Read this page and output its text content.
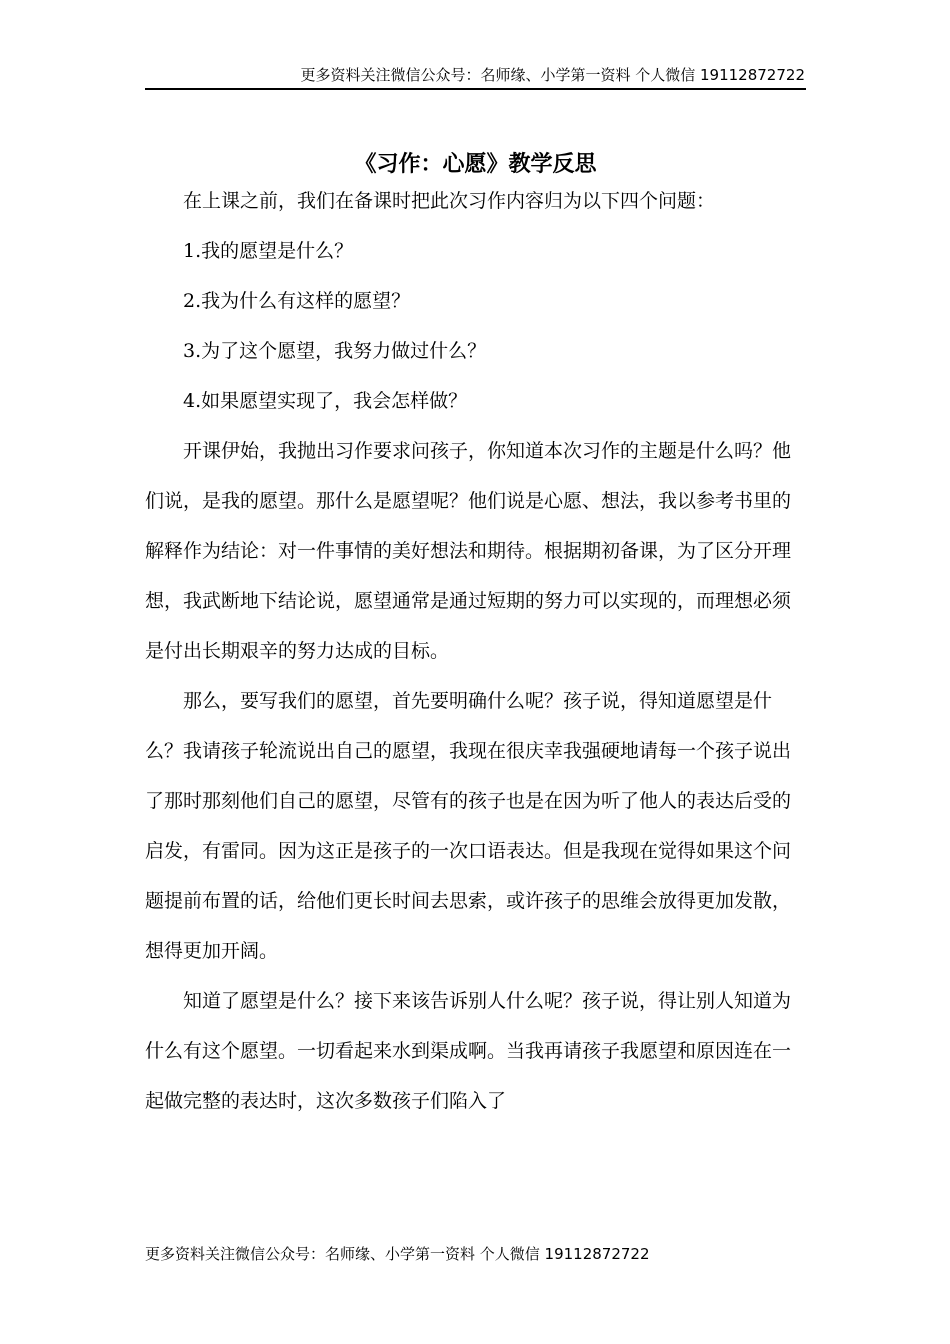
更多资料关注微信公众号：名师缘、小学第一资料 个人微信 19112872722
《习作：心愿》教学反思

在上课之前，我们在备课时把此次习作内容归为以下四个问题：

1.我的愿望是什么？

2.我为什么有这样的愿望？

3.为了这个愿望，我努力做过什么？

4.如果愿望实现了，我会怎样做？

开课伊始，我抛出习作要求问孩子，你知道本次习作的主题是什么吗？他们说，是我的愿望。那什么是愿望呢？他们说是心愿、想法，我以参考书里的解释作为结论：对一件事情的美好想法和期待。根据期初备课，为了区分开理想，我武断地下结论说，愿望通常是通过短期的努力可以实现的，而理想必须是付出长期艰辛的努力达成的目标。

那么，要写我们的愿望，首先要明确什么呢？孩子说，得知道愿望是什么？我请孩子轮流说出自己的愿望，我现在很庆幸我强硬地请每一个孩子说出了那时那刻他们自己的愿望，尽管有的孩子也是在因为听了他人的表达后受的启发，有雷同。因为这正是孩子的一次口语表达。但是我现在觉得如果这个问题提前布置的话，给他们更长时间去思索，或许孩子的思维会放得更加发散，想得更加开阔。

知道了愿望是什么？接下来该告诉别人什么呢？孩子说，得让别人知道为什么有这个愿望。一切看起来水到渠成啊。当我再请孩子我愿望和原因连在一起做完整的表达时，这次多数孩子们陷入了

更多资料关注微信公众号：名师缘、小学第一资料 个人微信 19112872722
